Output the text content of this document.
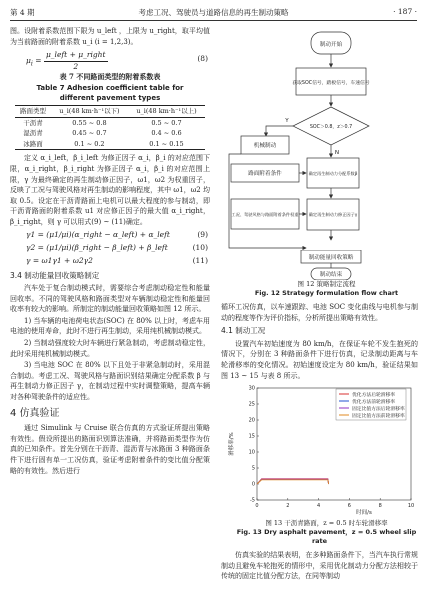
第 4 期	考虑工况、驾驶员与道路信息的再生制动策略	· 187 ·

图。设附着系数范围下限为 u_left ，上限为 u_right，取平均值为当前路面的附着系数 u_i (i = 1,2,3)。

$\mu_i = \frac{\text{μ\_left + μ\_right}}{2}$	(8)
表 7 不同路面类型的附着系数表
Table 7 Adhesion coefficient table for
different pavement types
路面类型	u_i(48 km·h⁻¹以下)	u_i(48 km·h⁻¹以上)
干沥青	0.55 ~ 0.8	0.5 ~ 0.7
湿沥青	0.45 ~ 0.7	0.4 ~ 0.6
冰路面	0.1 ~ 0.2	0.1 ~ 0.15

定义 α_i_left，β_i_left 为修正因子 α_i，β_i 的对应范围下限，α_i_right，β_i_right 为修正因子 α_i，β_i 的对应范围上限，γ 为最终确定的再生制动修正因子，ω1，ω2 为权重因子，反映了工况与驾驶风格对再生制动的影响程度，其中 ω1，ω2 均取 0.5。设定在干沥青路面上电机可以最大程度的参与制动，即干沥青路面的附着系数 u1 对应修正因子的最大值 α_i_right，β_i_right，则 γ 可以用式(9) ~ (11)确定。

γ1 = (μ1/μi)(α_right − α_left) + α_left	(9)
γ2 = (μ1/μi)(β_right − β_left) + β_left	(10)
γ = ω1γ1 + ω2γ2	(11)
3.4 制动能量回收策略制定

汽车处于复合制动模式时，需要综合考虑制动稳定性和能量回收率。不同的驾驶风格和路面类型对车辆制动稳定性和能量回收率有较大的影响。所制定的制动能量回收策略如图 12 所示。

1) 当车辆的电池荷电状态(SOC) 在 80% 以上时，考虑车用电池的使用寿命，此时不进行再生制动，采用纯机械制动模式。

2) 当制动强度较大时车辆进行紧急制动，考虑制动稳定性，此时采用纯机械制动模式。

3) 当电池 SOC 在 80% 以下且处于非紧急制动时，采用混合制动。考虑工况、驾驶风格与路面识别结果确定分配系数 β 与再生制动力修正因子 γ，在制动过程中实时调整策略，提高车辆对各种驾驶条件的适应性。

4 仿真验证

通过 Simulink 与 Cruise 联合仿真的方式验证所提出策略有效性。假设所提出的路面识别算法准确，并将路面类型作为仿真的已知条件。首先分别在干沥青、湿沥青与冰路面 3 种路面条件下进行固有单一工况仿真，验证考虑附着条件的变比值分配策略的有效性。然后进行

制动开始
获取SOC信号，踏板信号，车速信号
SOC＞0.8，z＞0.7
机械制动
路面附着条件	确定再生制动力分配系数β
工况、驾驶风格与路面附着条件权重 确定再生制动力修正因子γ
Y
N
制动能量回收策略
制动结束

图 12 策略制定流程

Fig. 12 Strategy formulation flow chart

循环工况仿真，以车速跟踪、电池 SOC 变化曲线与电机参与制动的程度等作为评价指标，分析所提出策略有效性。

4.1 制动工况

设置汽车初始速度为 80 km/h，在保证车轮不发生抱死的情况下，分别在 3 种路面条件下进行仿真，记录制动距离与车轮滑移率的变化情况。初始速度设定为 80 km/h，验证结果如图 13 ~ 15 与表 8 所示。

0	2	4	6	8	10
-5
0
5
10
15
20
25
30
时间/s
滑移率/%
优化方法后轮滑移率
优化方法前轮滑移率
固定比值方法后轮滑移率
固定比值方法前轮滑移率

图 13 干沥青路面，z = 0.5 时车轮滑移率

Fig. 13 Dry asphalt pavement，z = 0.5 wheel slip rate

仿真实验的结果表明，在多种路面条件下，当汽车执行常规制动且避免车轮抱死的情形中，采用优化制动力分配方法相较于传统的固定比值分配方法，在同等制动
